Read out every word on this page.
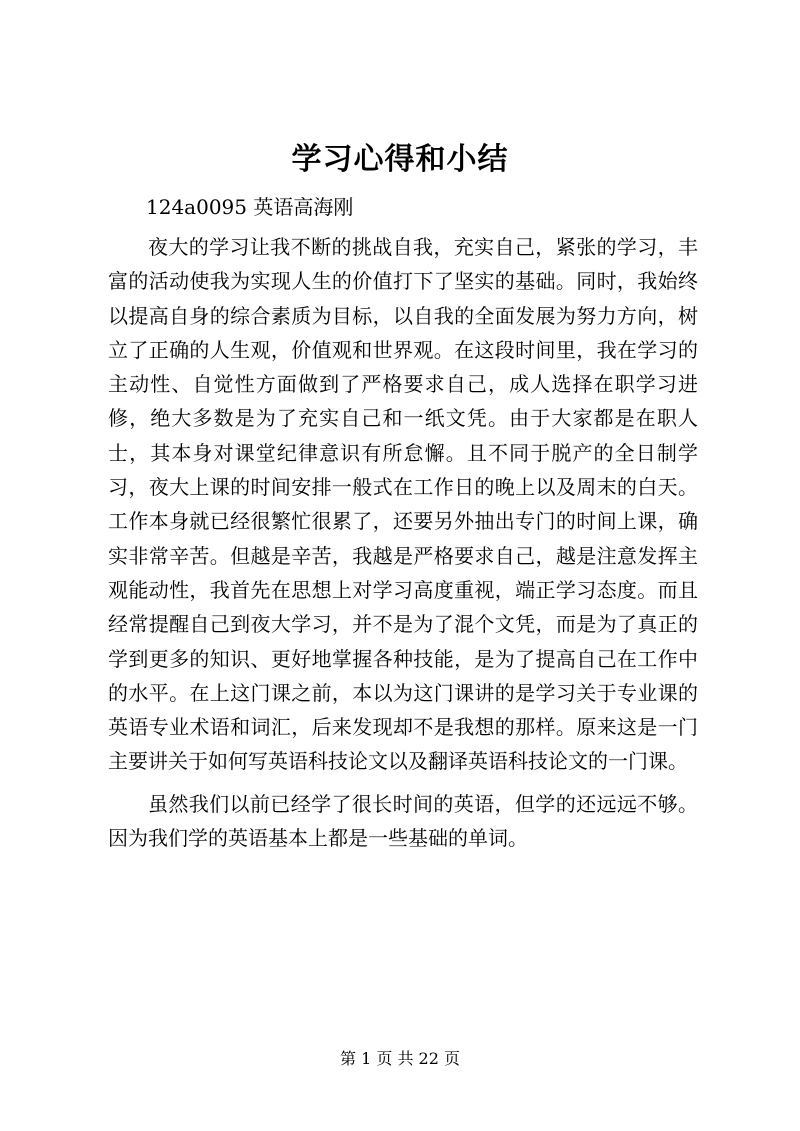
学习心得和小结

124a0095 英语高海刚

夜大的学习让我不断的挑战自我，充实自己，紧张的学习，丰富的活动使我为实现人生的价值打下了坚实的基础。同时，我始终以提高自身的综合素质为目标，以自我的全面发展为努力方向，树立了正确的人生观，价值观和世界观。在这段时间里，我在学习的主动性、自觉性方面做到了严格要求自己，成人选择在职学习进修，绝大多数是为了充实自己和一纸文凭。由于大家都是在职人士，其本身对课堂纪律意识有所怠懈。且不同于脱产的全日制学习，夜大上课的时间安排一般式在工作日的晚上以及周末的白天。工作本身就已经很繁忙很累了，还要另外抽出专门的时间上课，确实非常辛苦。但越是辛苦，我越是严格要求自己，越是注意发挥主观能动性，我首先在思想上对学习高度重视，端正学习态度。而且经常提醒自己到夜大学习，并不是为了混个文凭，而是为了真正的学到更多的知识、更好地掌握各种技能，是为了提高自己在工作中的水平。在上这门课之前，本以为这门课讲的是学习关于专业课的英语专业术语和词汇，后来发现却不是我想的那样。原来这是一门主要讲关于如何写英语科技论文以及翻译英语科技论文的一门课。

虽然我们以前已经学了很长时间的英语，但学的还远远不够。因为我们学的英语基本上都是一些基础的单词。

第 1 页 共 22 页
